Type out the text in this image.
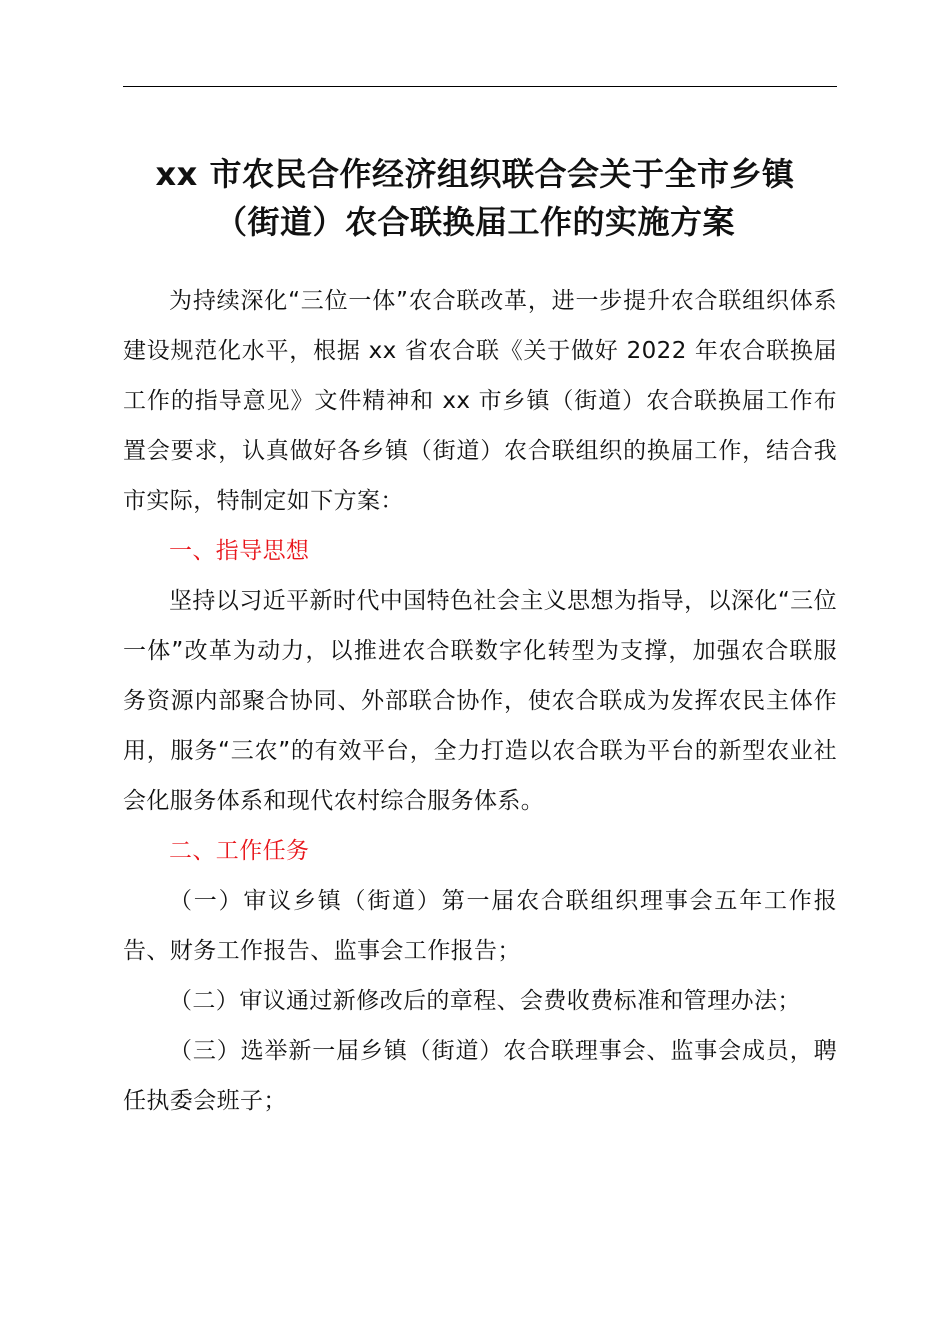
xx 市农民合作经济组织联合会关于全市乡镇
（街道）农合联换届工作的实施方案

为持续深化“三位一体”农合联改革，进一步提升农合联组织体系建设规范化水平，根据 xx 省农合联《关于做好 2022 年农合联换届工作的指导意见》文件精神和 xx 市乡镇（街道）农合联换届工作布置会要求，认真做好各乡镇（街道）农合联组织的换届工作，结合我市实际，特制定如下方案：

一、指导思想

坚持以习近平新时代中国特色社会主义思想为指导，以深化“三位一体”改革为动力，以推进农合联数字化转型为支撑，加强农合联服务资源内部聚合协同、外部联合协作，使农合联成为发挥农民主体作用，服务“三农”的有效平台，全力打造以农合联为平台的新型农业社会化服务体系和现代农村综合服务体系。

二、工作任务

（一）审议乡镇（街道）第一届农合联组织理事会五年工作报告、财务工作报告、监事会工作报告；

（二）审议通过新修改后的章程、会费收费标准和管理办法；

（三）选举新一届乡镇（街道）农合联理事会、监事会成员，聘任执委会班子；
